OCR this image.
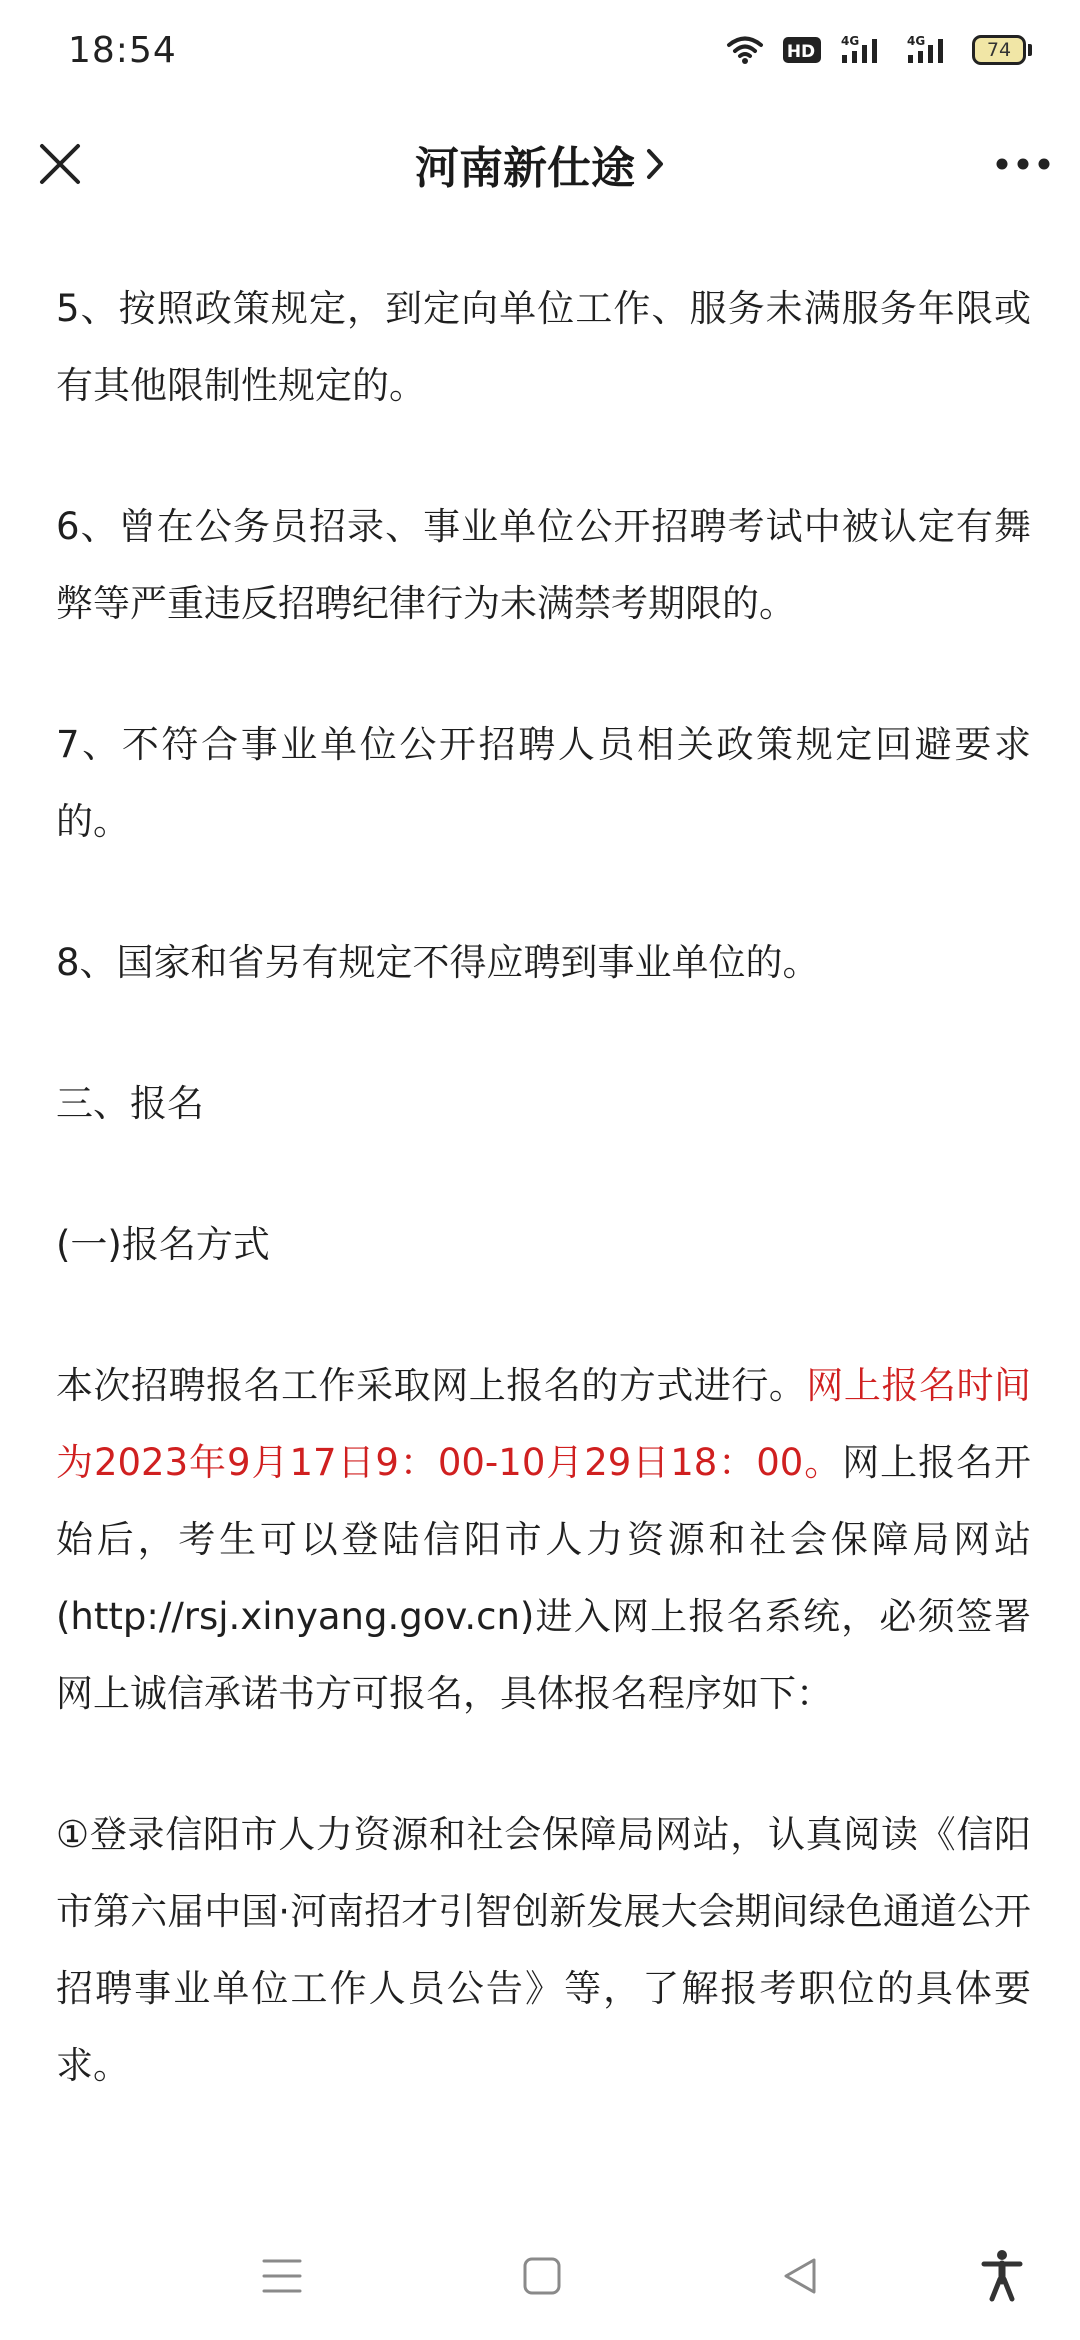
18:54	HD
4G	4G	74
河南新仕途

5、按照政策规定，到定向单位工作、服务未满服务年限或有其他限制性规定的。

6、曾在公务员招录、事业单位公开招聘考试中被认定有舞弊等严重违反招聘纪律行为未满禁考期限的。

7、不符合事业单位公开招聘人员相关政策规定回避要求的。

8、国家和省另有规定不得应聘到事业单位的。

三、报名

(一)报名方式

本次招聘报名工作采取网上报名的方式进行。网上报名时间为2023年9月17日9：00-10月29日18：00。网上报名开始后，考生可以登陆信阳市人力资源和社会保障局网站(http://rsj.xinyang.gov.cn)进入网上报名系统，必须签署网上诚信承诺书方可报名，具体报名程序如下：

①登录信阳市人力资源和社会保障局网站，认真阅读《信阳市第六届中国·河南招才引智创新发展大会期间绿色通道公开招聘事业单位工作人员公告》等，了解报考职位的具体要求。
